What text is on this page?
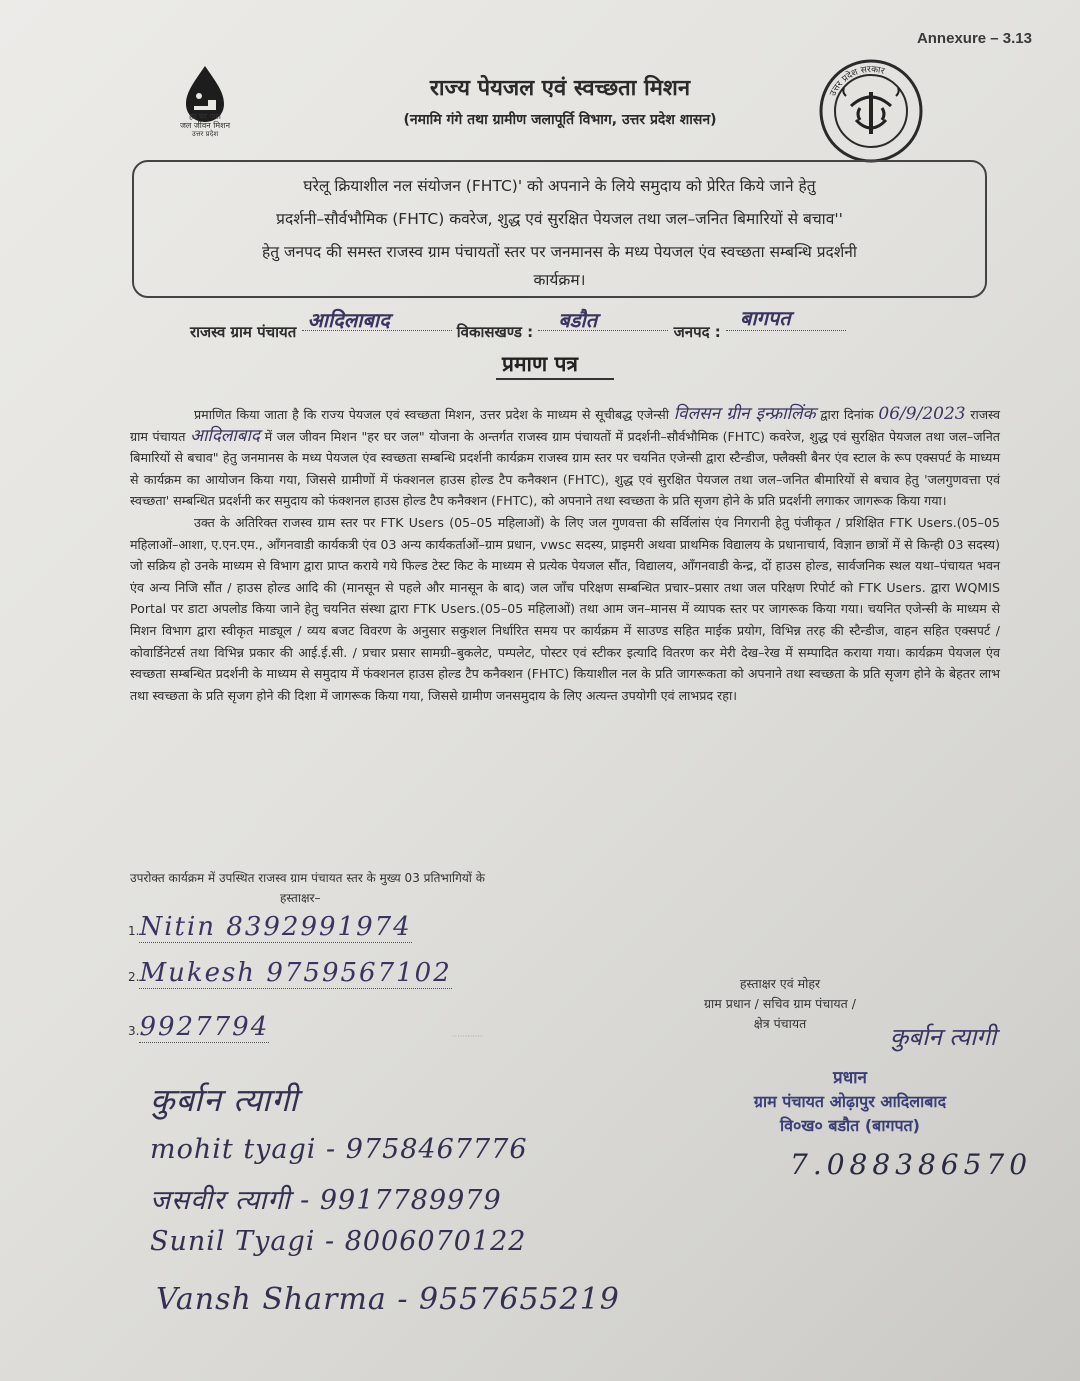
Annexure – 3.13
हर घर जल
जल जीवन मिशन
उत्तर प्रदेश
उत्तर प्रदेश सरकार
राज्य पेयजल एवं स्वच्छता मिशन
(नमामि गंगे तथा ग्रामीण जलापूर्ति विभाग, उत्तर प्रदेश शासन)
घरेलू क्रियाशील नल संयोजन (FHTC)' को अपनाने के लिये समुदाय को प्रेरित किये जाने हेतु
प्रदर्शनी–साैर्वभौमिक (FHTC) कवरेज, शुद्ध एवं सुरक्षित पेयजल तथा जल–जनित बिमारियों से बचाव''
हेतु जनपद की समस्त राजस्व ग्राम पंचायतों स्तर पर जनमानस के मध्य पेयजल एंव स्वच्छता सम्बन्धि प्रदर्शनी
कार्यक्रम।
राजस्व ग्राम पंचायत आदिलाबाद	विकासखण्ड : बडौत	जनपद : बागपत
प्रमाण पत्र

प्रमाणित किया जाता है कि राज्य पेयजल एवं स्वच्छता मिशन, उत्तर प्रदेश के माध्यम से सूचीबद्ध एजेन्सी विलसन ग्रीन इन्फ्रालिंक द्वारा दिनांक 06/9/2023 राजस्व ग्राम पंचायत आदिलाबाद में जल जीवन मिशन "हर घर जल" योजना के अन्तर्गत राजस्व ग्राम पंचायतों में प्रदर्शनी–साैर्वभौमिक (FHTC) कवरेज, शुद्ध एवं सुरक्षित पेयजल तथा जल–जनित बिमारियों से बचाव" हेतु जनमानस के मध्य पेयजल एंव स्वच्छता सम्बन्धि प्रदर्शनी कार्यक्रम राजस्व ग्राम स्तर पर चयनित एजेन्सी द्वारा स्टैन्डीज, फ्लैक्सी बैनर एंव स्टाल के रूप एक्सपर्ट के माध्यम से कार्यक्रम का आयोजन किया गया, जिससे ग्रामीणों में फंक्शनल हाउस होल्ड टैप कनैक्शन (FHTC), शुद्ध एवं सुरक्षित पेयजल तथा जल–जनित बीमारियों से बचाव हेतु 'जलगुणवत्ता एवं स्वच्छता' सम्बन्धित प्रदर्शनी कर समुदाय को फंक्शनल हाउस होल्ड टैप कनैक्शन (FHTC), को अपनाने तथा स्वच्छता के प्रति सृजग होने के प्रति प्रदर्शनी लगाकर जागरूक किया गया।

उक्त के अतिरिक्त राजस्व ग्राम स्तर पर FTK Users (05–05 महिलाओं) के लिए जल गुणवत्ता की सर्विलांस एंव निगरानी हेतु पंजीकृत / प्रशिक्षित FTK Users.(05–05 महिलाओं–आशा, ए.एन.एम., आँगनवाडी कार्यकत्री एंव 03 अन्य कार्यकर्ताओं–ग्राम प्रधान, vwsc सदस्य, प्राइमरी अथवा प्राथमिक विद्यालय के प्रधानाचार्य, विज्ञान छात्रों में से किन्ही 03 सदस्य) जो सक्रिय हो उनके माध्यम से विभाग द्वारा प्राप्त कराये गये फिल्ड टेस्ट किट के माध्यम से प्रत्येक पेयजल सौंत, विद्यालय, आँगनवाडी केन्द्र, दों हाउस होल्ड, सार्वजनिक स्थल यथा–पंचायत भवन एंव अन्य निजि सौंत / हाउस होल्ड आदि की (मानसून से पहले और मानसून के बाद) जल जाँच परिक्षण सम्बन्धित प्रचार–प्रसार तथा जल परिक्षण रिपोर्ट को FTK Users. द्वारा WQMIS Portal पर डाटा अपलोड किया जाने हेतु चयनित संस्था द्वारा FTK Users.(05–05 महिलाओं) तथा आम जन–मानस में व्यापक स्तर पर जागरूक किया गया। चयनित एजेन्सी के माध्यम से मिशन विभाग द्वारा स्वीकृत माड्यूल / व्यय बजट विवरण के अनुसार सकुशल निर्धारित समय पर कार्यक्रम में साउण्ड सहित माईक प्रयोग, विभिन्न तरह की स्टैन्डीज, वाहन सहित एक्सपर्ट / कोवार्डिनेटर्स तथा विभिन्न प्रकार की आई.ई.सी. / प्रचार प्रसार सामग्री–बुकलेट, पम्पलेट, पोस्टर एवं स्टीकर इत्यादि वितरण कर मेरी देख–रेख में सम्पादित कराया गया। कार्यक्रम पेयजल एंव स्वच्छता सम्बन्धित प्रदर्शनी के माध्यम से समुदाय में फंक्शनल हाउस होल्ड टैप कनैक्शन (FHTC) कियाशील नल के प्रति जागरूकता को अपनाने तथा स्वच्छता के प्रति सृजग होने के बेहतर लाभ तथा स्वच्छता के प्रति सृजग होने की दिशा में जागरूक किया गया, जिससे ग्रामीण जनसमुदाय के लिए अत्यन्त उपयोगी एवं लाभप्रद रहा।

उपरोक्त कार्यक्रम में उपस्थित राजस्व ग्राम पंचायत स्तर के मुख्य 03 प्रतिभागियों के
हस्ताक्षर–
1.Nitin 8392991974
2.Mukesh 9759567102
3.9927794	············
हस्ताक्षर एवं मोहर
ग्राम प्रधान / सचिव ग्राम पंचायत /
क्षेत्र पंचायत	कुर्बान त्यागी
प्रधान
ग्राम पंचायत ओढ़ापुर आदिलाबाद
वि०ख० बडौत (बागपत)
7.088386570
कुर्बान त्यागी
mohit tyagi - 9758467776
जसवीर त्यागी - 9917789979
Sunil Tyagi - 8006070122
Vansh Sharma - 9557655219
